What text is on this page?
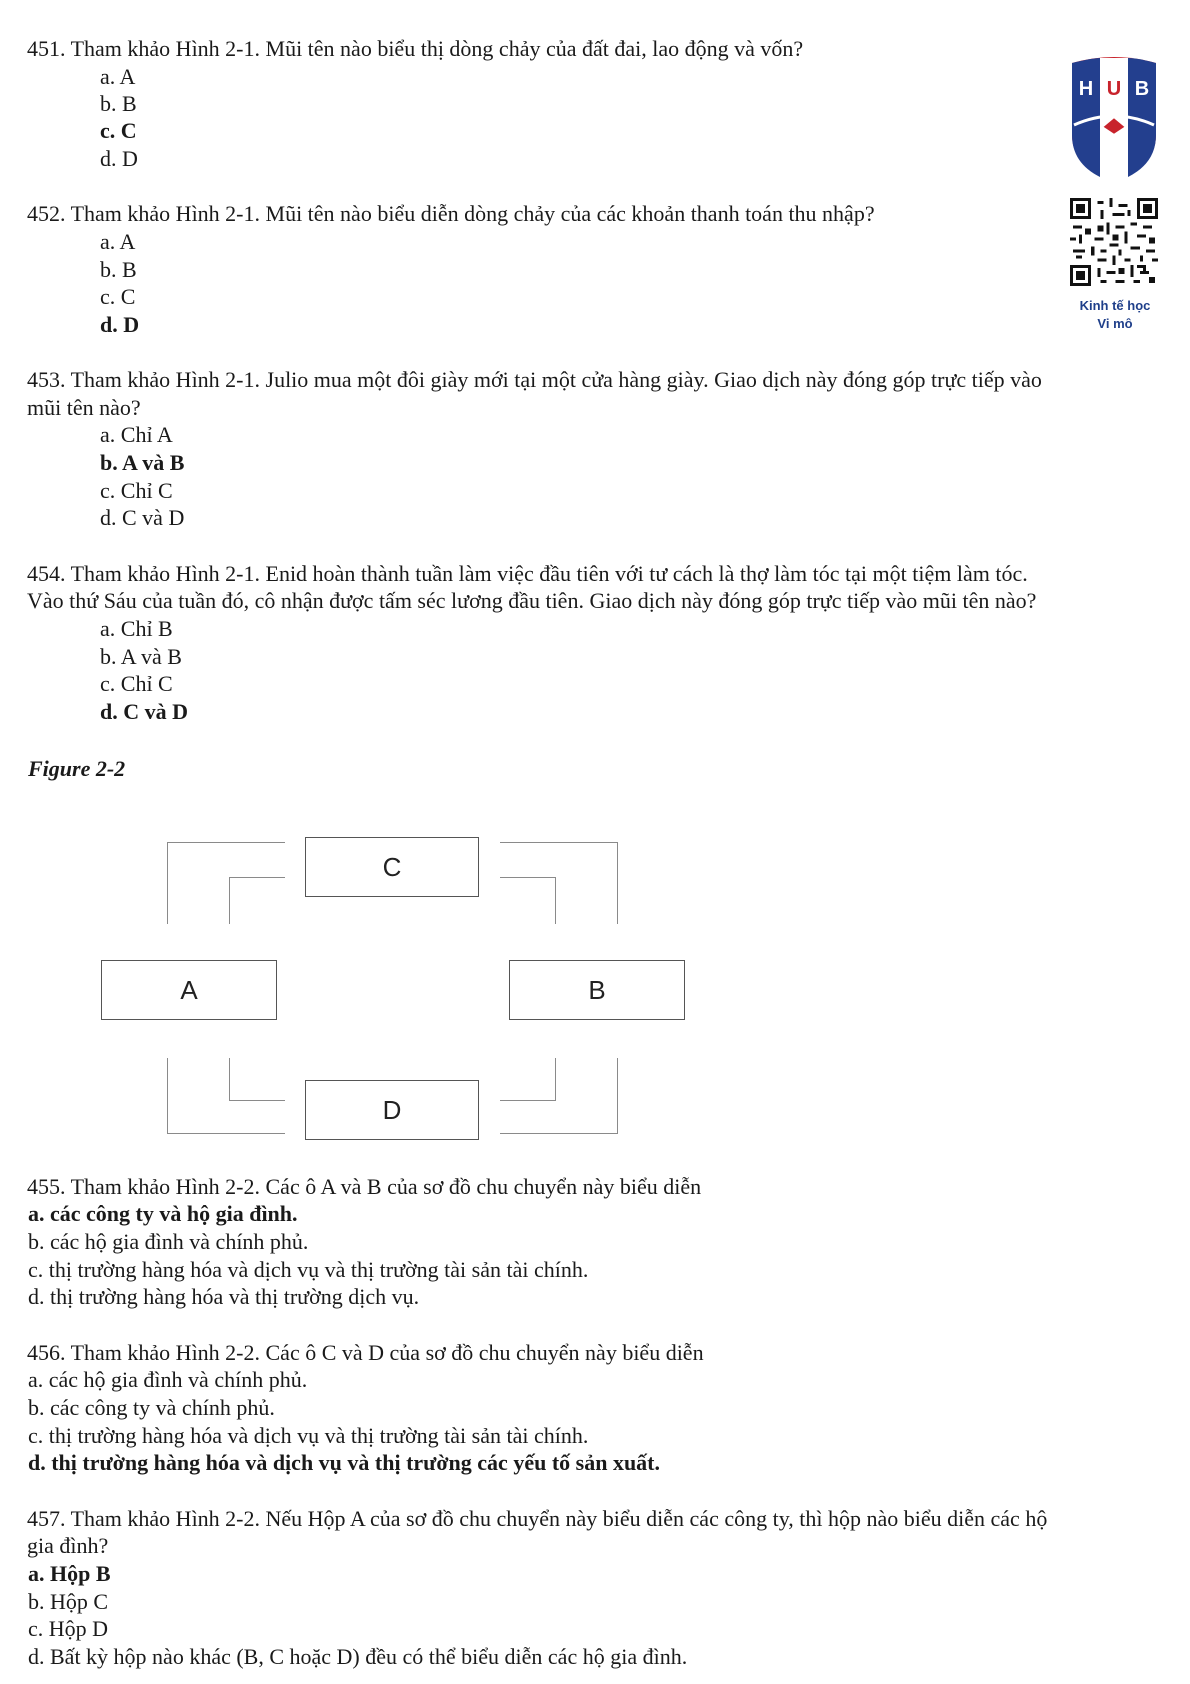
H U B
1976
Kinh tế học
Vi mô
451. Tham khảo Hình 2-1. Mũi tên nào biểu thị dòng chảy của đất đai, lao động và vốn?
a. A
b. B
c. C
d. D
452. Tham khảo Hình 2-1. Mũi tên nào biểu diễn dòng chảy của các khoản thanh toán thu nhập?
a. A
b. B
c. C
d. D
453. Tham khảo Hình 2-1. Julio mua một đôi giày mới tại một cửa hàng giày. Giao dịch này đóng góp trực tiếp vào
mũi tên nào?
a. Chỉ A
b. A và B
c. Chỉ C
d. C và D
454. Tham khảo Hình 2-1. Enid hoàn thành tuần làm việc đầu tiên với tư cách là thợ làm tóc tại một tiệm làm tóc.
Vào thứ Sáu của tuần đó, cô nhận được tấm séc lương đầu tiên. Giao dịch này đóng góp trực tiếp vào mũi tên nào?
a. Chỉ B
b. A và B
c. Chỉ C
d. C và D
Figure 2-2
C
A	B
D
455. Tham khảo Hình 2-2. Các ô A và B của sơ đồ chu chuyển này biểu diễn
a. các công ty và hộ gia đình.
b. các hộ gia đình và chính phủ.
c. thị trường hàng hóa và dịch vụ và thị trường tài sản tài chính.
d. thị trường hàng hóa và thị trường dịch vụ.
456. Tham khảo Hình 2-2. Các ô C và D của sơ đồ chu chuyển này biểu diễn
a. các hộ gia đình và chính phủ.
b. các công ty và chính phủ.
c. thị trường hàng hóa và dịch vụ và thị trường tài sản tài chính.
d. thị trường hàng hóa và dịch vụ và thị trường các yếu tố sản xuất.
457. Tham khảo Hình 2-2. Nếu Hộp A của sơ đồ chu chuyển này biểu diễn các công ty, thì hộp nào biểu diễn các hộ
gia đình?
a. Hộp B
b. Hộp C
c. Hộp D
d. Bất kỳ hộp nào khác (B, C hoặc D) đều có thể biểu diễn các hộ gia đình.
